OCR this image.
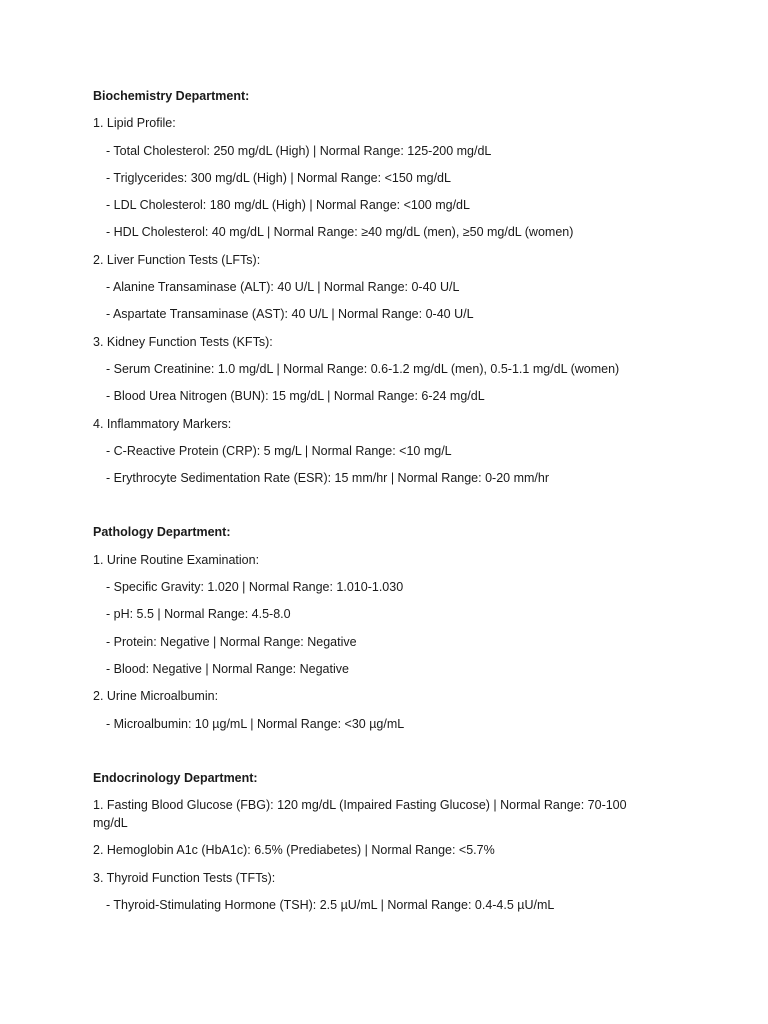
Biochemistry Department:
1. Lipid Profile:
- Total Cholesterol: 250 mg/dL (High) | Normal Range: 125-200 mg/dL
- Triglycerides: 300 mg/dL (High) | Normal Range: <150 mg/dL
- LDL Cholesterol: 180 mg/dL (High) | Normal Range: <100 mg/dL
- HDL Cholesterol: 40 mg/dL | Normal Range: ≥40 mg/dL (men), ≥50 mg/dL (women)
2. Liver Function Tests (LFTs):
- Alanine Transaminase (ALT): 40 U/L | Normal Range: 0-40 U/L
- Aspartate Transaminase (AST): 40 U/L | Normal Range: 0-40 U/L
3. Kidney Function Tests (KFTs):
- Serum Creatinine: 1.0 mg/dL | Normal Range: 0.6-1.2 mg/dL (men), 0.5-1.1 mg/dL (women)
- Blood Urea Nitrogen (BUN): 15 mg/dL | Normal Range: 6-24 mg/dL
4. Inflammatory Markers:
- C-Reactive Protein (CRP): 5 mg/L | Normal Range: <10 mg/L
- Erythrocyte Sedimentation Rate (ESR): 15 mm/hr | Normal Range: 0-20 mm/hr
Pathology Department:
1. Urine Routine Examination:
- Specific Gravity: 1.020 | Normal Range: 1.010-1.030
- pH: 5.5 | Normal Range: 4.5-8.0
- Protein: Negative | Normal Range: Negative
- Blood: Negative | Normal Range: Negative
2. Urine Microalbumin:
- Microalbumin: 10 µg/mL | Normal Range: <30 µg/mL
Endocrinology Department:
1. Fasting Blood Glucose (FBG): 120 mg/dL (Impaired Fasting Glucose) | Normal Range: 70-100 mg/dL
2. Hemoglobin A1c (HbA1c): 6.5% (Prediabetes) | Normal Range: <5.7%
3. Thyroid Function Tests (TFTs):
- Thyroid-Stimulating Hormone (TSH): 2.5 µU/mL | Normal Range: 0.4-4.5 µU/mL
